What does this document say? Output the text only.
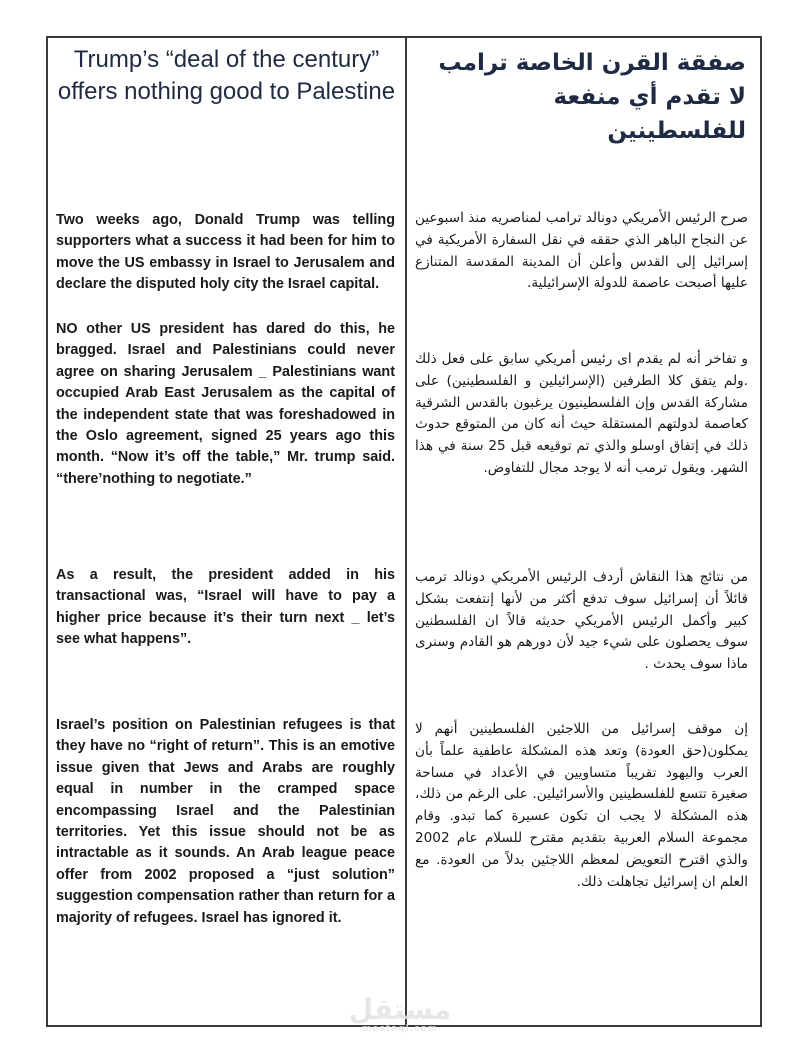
Trump’s “deal of the century” offers nothing good to Palestine

Two weeks ago, Donald Trump was telling supporters what a success it had been for him to move the US embassy in Israel to Jerusalem and declare the disputed holy city the Israel capital.

NO other US president has dared do this, he bragged. Israel and Palestinians could never agree on sharing Jerusalem _ Palestinians want occupied Arab East Jerusalem as the capital of the independent state that was foreshadowed in the Oslo agreement, signed 25 years ago this month. “Now it’s off the table,” Mr. trump said. “there’nothing to negotiate.”

As a result, the president added in his transactional was, “Israel will have to pay a higher price because it’s their turn next _ let’s see what happens”.

Israel’s position on Palestinian refugees is that they have no “right of return”. This is an emotive issue given that Jews and Arabs are roughly equal in number in the cramped space encompassing Israel and the Palestinian territories. Yet this issue should not be as intractable as it sounds. An Arab league peace offer from 2002 proposed a “just solution” suggestion compensation rather than return for a majority of refugees. Israel has ignored it.

صفقة القرن الخاصة ترامب لا تقدم أي منفعة للفلسطينين

صرح الرئيس الأمريكي دونالد ترامب لمناصريه منذ اسبوعين عن النجاح الباهر الذي حققه في نقل السفارة الأمريكية في إسرائيل إلى القدس وأعلن أن المدينة المقدسة المتنازع عليها أصبحت عاصمة للدولة الإسرائيلية.

و تفاخر أنه لم يقدم اى رئيس أمريكي سابق على فعل ذلك .ولم يتفق كلا الطرفين (الإسرائيلين و الفلسطينين) على مشاركة القدس وإن الفلسطينيون يرغبون بالقدس الشرقية كعاصمة لدولتهم المستقلة حيث أنه كان من المتوقع حدوث ذلك في إتفاق اوسلو والذي تم توقيعه قبل 25 سنة في هذا الشهر. ويقول ترمب أنه لا يوجد مجال للتفاوض.

من نتائج هذا النقاش أردف الرئيس الأمريكي دونالد ترمب قائلاً أن إسرائيل سوف تدفع أكثر من لأنها إنتفعت بشكل كبير وأكمل الرئيس الأمريكي حديثه قالاً ان الفلسطنين سوف يحصلون على شيء جيد لأن دورهم هو القادم وسنرى ماذا سوف يحدث .

إن موقف إسرائيل من اللاجئين الفلسطينين أنهم لا يمكلون(حق العودة) وتعد هذه المشكلة عاطفية علماً بأن العرب واليهود تقريباً متساويين في الأعداد في مساحة صغيرة تتسع للفلسطينين والأسرائيلين. على الرغم من ذلك، هذه المشكلة لا يجب ان تكون عسيرة كما تبدو. وقام مجموعة السلام العربية بتقديم مقترح للسلام عام 2002 والذي اقترح التعويض لمعظم اللاجئين بدلاً من العودة. مع العلم ان إسرائيل تجاهلت ذلك.

مستقل
mostaql.com
